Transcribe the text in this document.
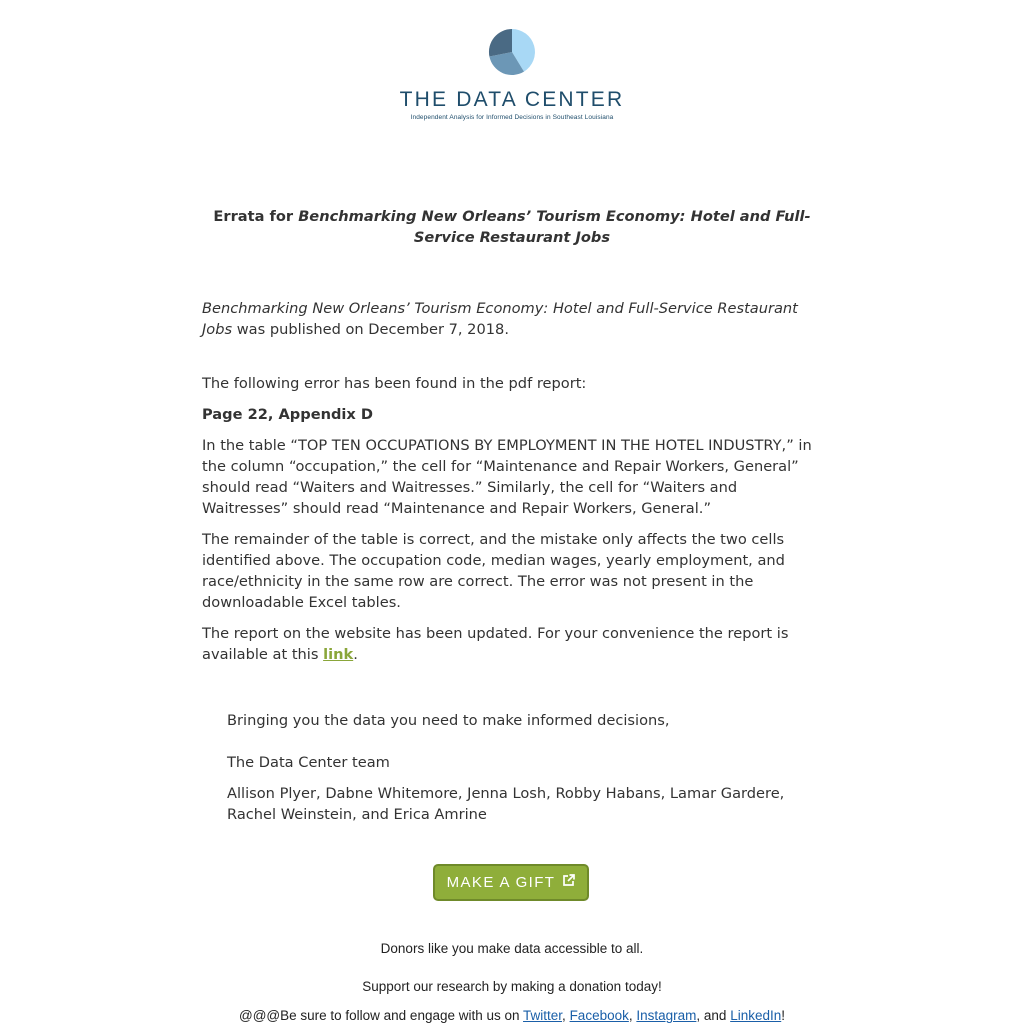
THE DATA CENTER
Independent Analysis for Informed Decisions in Southeast Louisiana

Errata for Benchmarking New Orleans’ Tourism Economy: Hotel and Full-Service Restaurant Jobs

Benchmarking New Orleans’ Tourism Economy: Hotel and Full-Service Restaurant Jobs was published on December 7, 2018.

The following error has been found in the pdf report:

Page 22, Appendix D

In the table “TOP TEN OCCUPATIONS BY EMPLOYMENT IN THE HOTEL INDUSTRY,” in the column “occupation,” the cell for “Maintenance and Repair Workers, General” should read “Waiters and Waitresses.” Similarly, the cell for “Waiters and Waitresses” should read “Maintenance and Repair Workers, General.”

The remainder of the table is correct, and the mistake only affects the two cells identified above. The occupation code, median wages, yearly employment, and race/ethnicity in the same row are correct. The error was not present in the downloadable Excel tables.

The report on the website has been updated. For your convenience the report is available at this link.

Bringing you the data you need to make informed decisions,

The Data Center team

Allison Plyer, Dabne Whitemore, Jenna Losh, Robby Habans, Lamar Gardere, Rachel Weinstein, and Erica Amrine

MAKE A GIFT
Donors like you make data accessible to all.
Support our research by making a donation today!
@@@Be sure to follow and engage with us on Twitter, Facebook, Instagram, and LinkedIn!
